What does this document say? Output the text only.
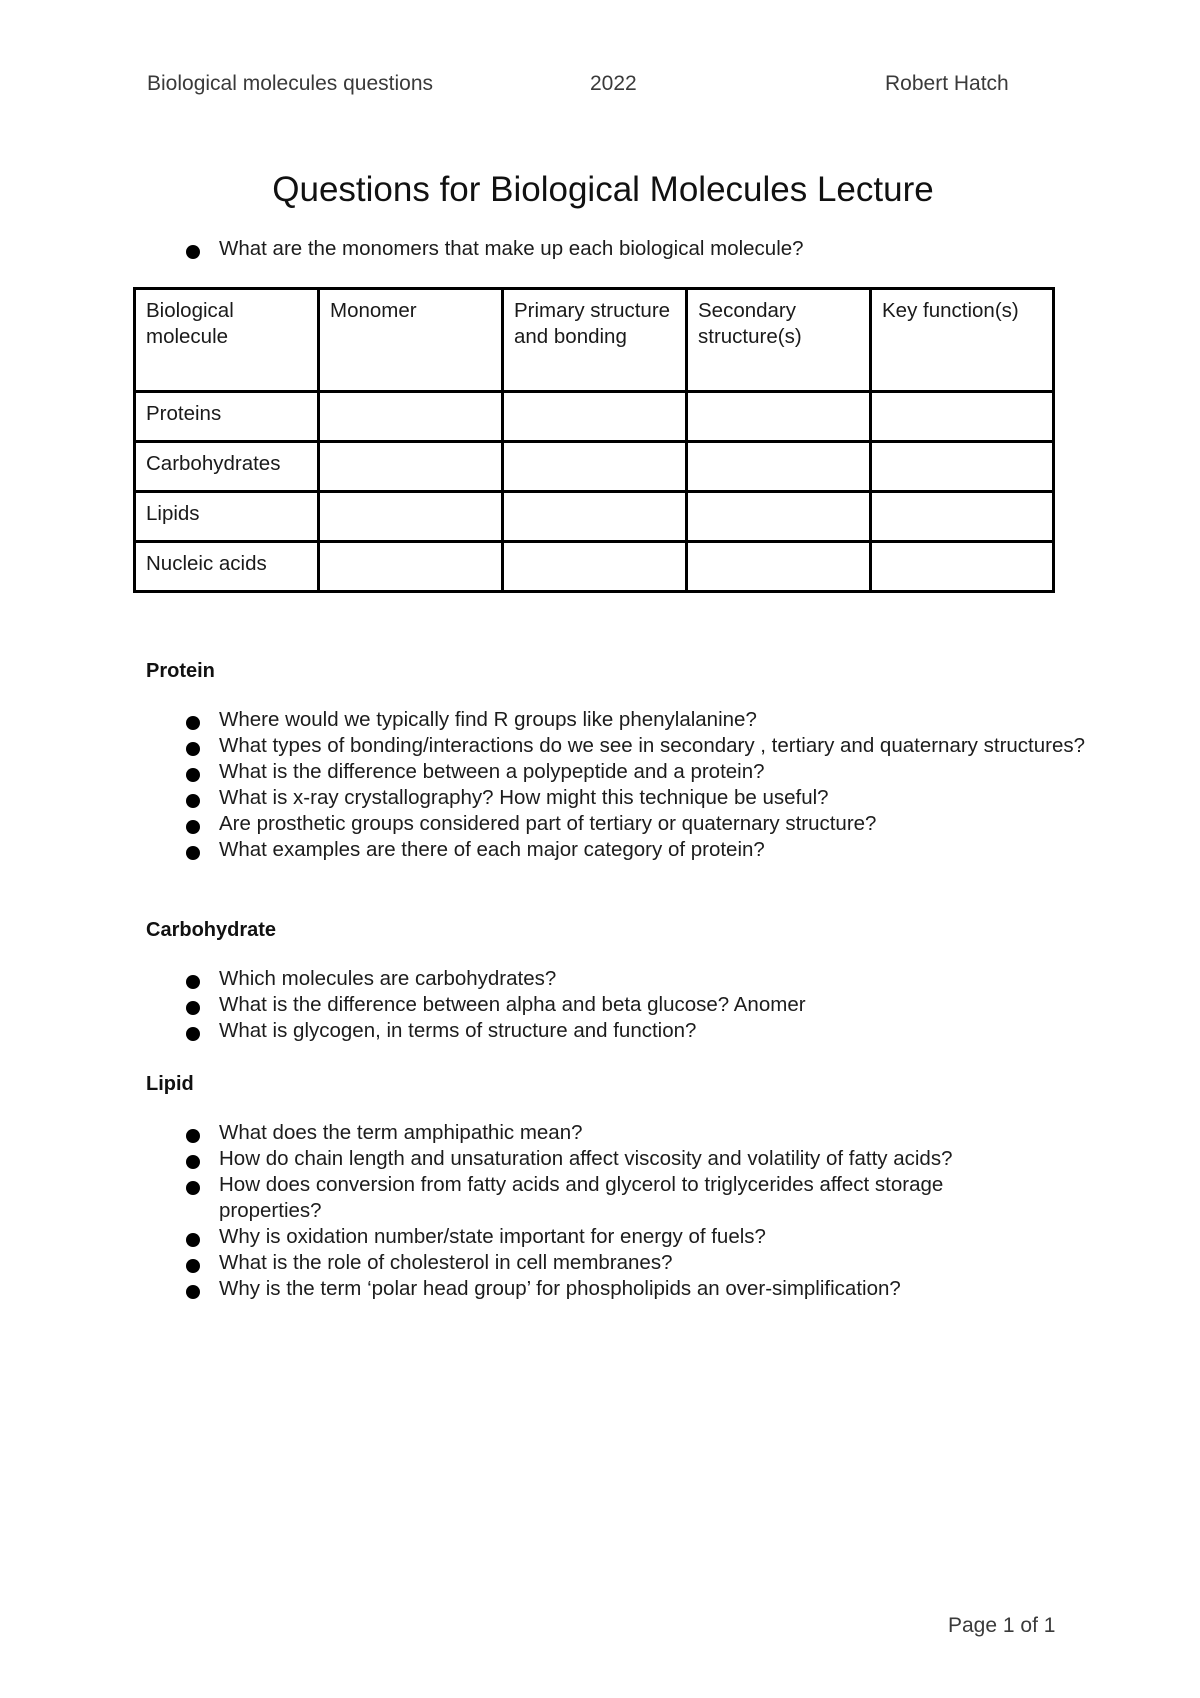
Biological molecules questions	2022	Robert Hatch
Questions for Biological Molecules Lecture
What are the monomers that make up each biological molecule?
Biological molecule	Monomer	Primary structure and bonding	Secondary structure(s)	Key function(s)
Proteins				
Carbohydrates				
Lipids				
Nucleic acids				
Protein
Where would we typically find R groups like phenylalanine?
What types of bonding/interactions do we see in secondary , tertiary and quaternary structures?
What is the difference between a polypeptide and a protein?
What is x-ray crystallography? How might this technique be useful?
Are prosthetic groups considered part of tertiary or quaternary structure?
What examples are there of each major category of protein?
Carbohydrate
Which molecules are carbohydrates?
What is the difference between alpha and beta glucose? Anomer
What is glycogen, in terms of structure and function?
Lipid
What does the term amphipathic mean?
How do chain length and unsaturation affect viscosity and volatility of fatty acids?
How does conversion from fatty acids and glycerol to triglycerides affect storage properties?
Why is oxidation number/state important for energy of fuels?
What is the role of cholesterol in cell membranes?
Why is the term ‘polar head group’ for phospholipids an over-simplification?
Page 1 of 1
